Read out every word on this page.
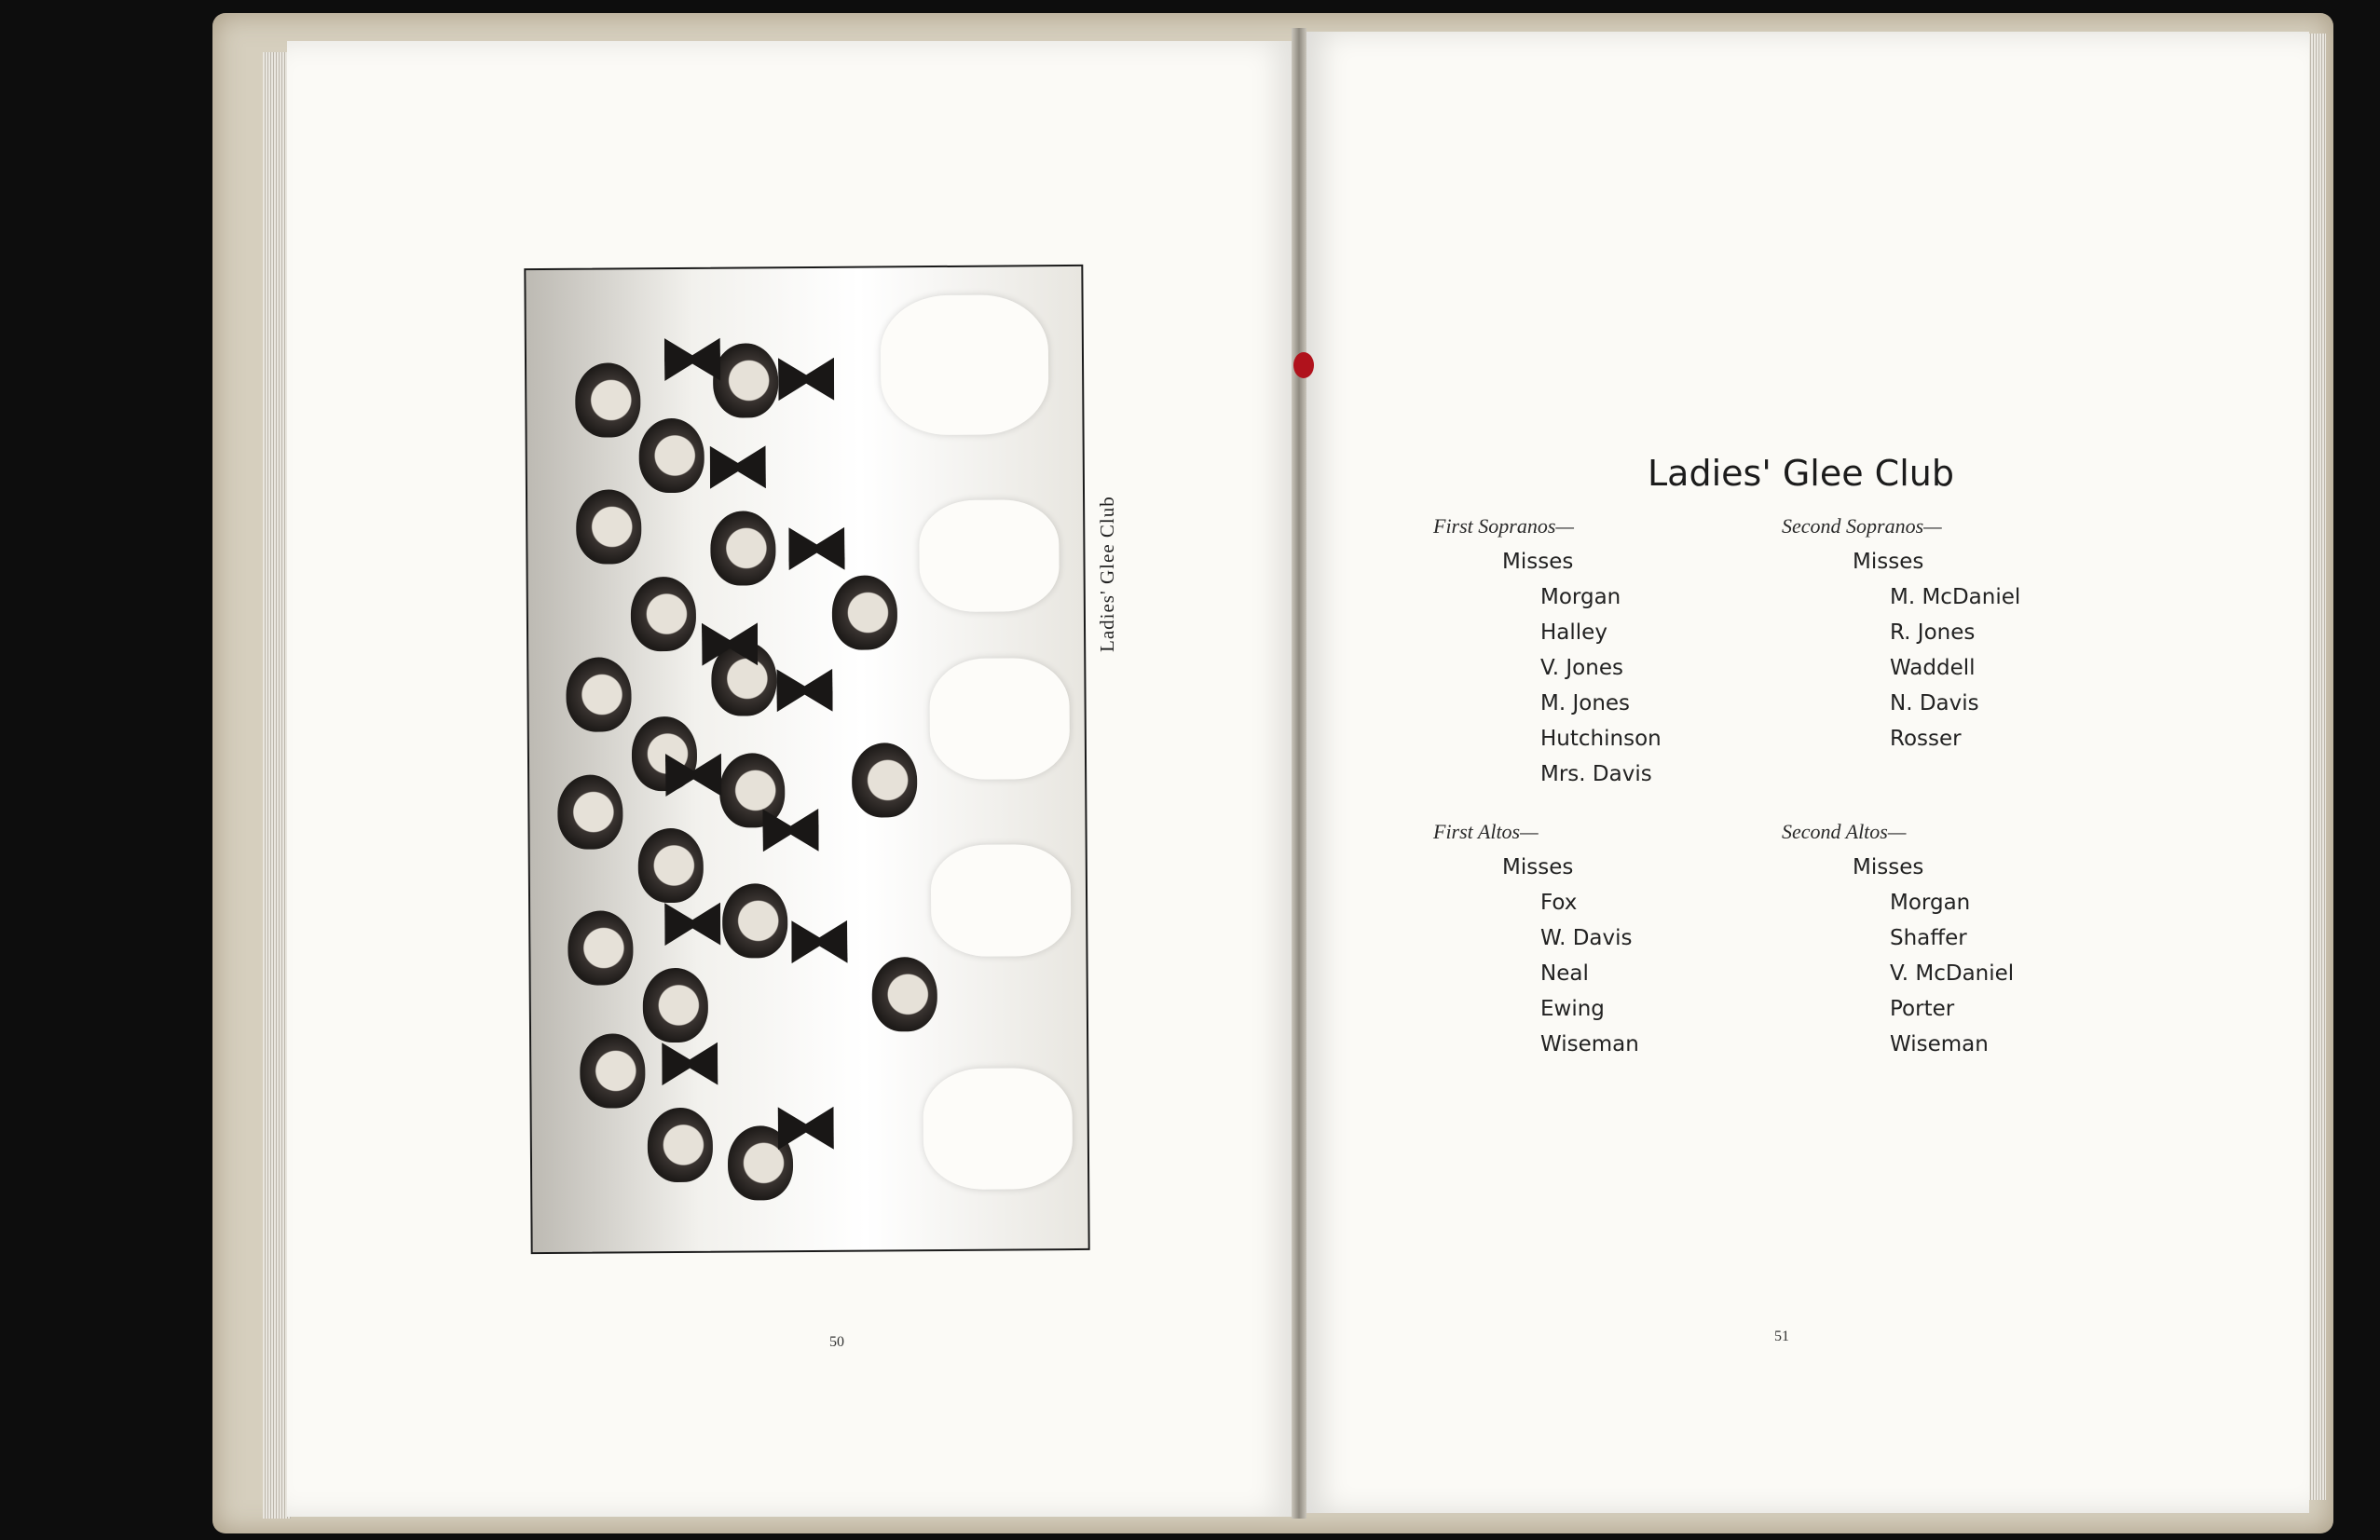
Ladies' Glee Club
50
Ladies' Glee Club
First Sopranos—
Misses
Morgan
Halley
V. Jones
M. Jones
Hutchinson
Mrs. Davis
Second Sopranos—
Misses
M. McDaniel
R. Jones
Waddell
N. Davis
Rosser
First Altos—
Misses
Fox
W. Davis
Neal
Ewing
Wiseman
Second Altos—
Misses
Morgan
Shaffer
V. McDaniel
Porter
Wiseman
51
